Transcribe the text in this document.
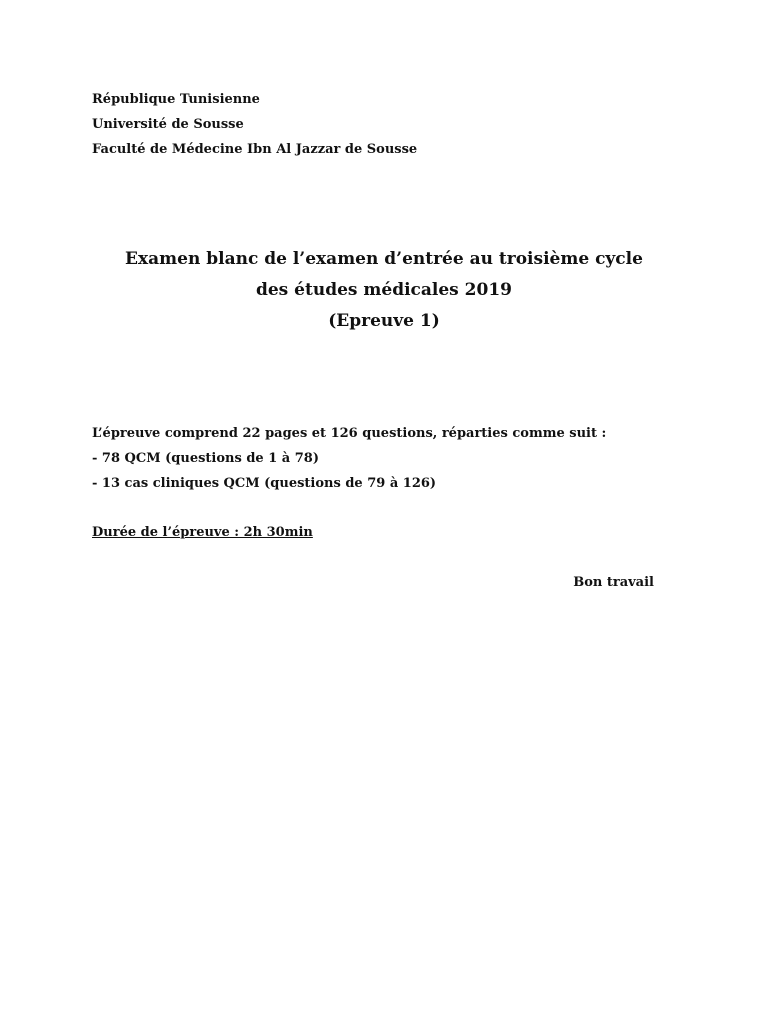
République Tunisienne
Université de Sousse
Faculté de Médecine Ibn Al Jazzar de Sousse
Examen blanc de l’examen d’entrée au troisième cycle
des études médicales 2019
(Epreuve 1)
L’épreuve comprend 22 pages et 126 questions, réparties comme suit :
- 78 QCM (questions de 1 à 78)
- 13 cas cliniques QCM (questions de 79 à 126)
Durée de l’épreuve : 2h 30min
Bon travail
